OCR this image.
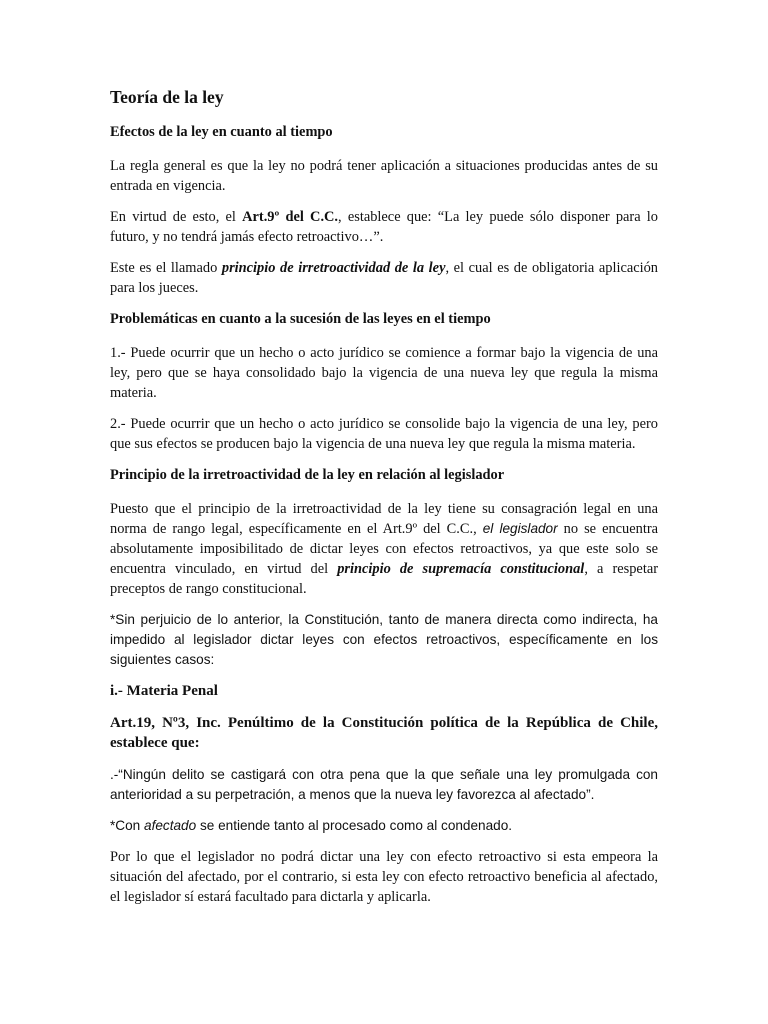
Teoría de la ley

Efectos de la ley en cuanto al tiempo

La regla general es que la ley no podrá tener aplicación a situaciones producidas antes de su entrada en vigencia.

En virtud de esto, el Art.9º del C.C., establece que: “La ley puede sólo disponer para lo futuro, y no tendrá jamás efecto retroactivo…”.

Este es el llamado principio de irretroactividad de la ley, el cual es de obligatoria aplicación para los jueces.

Problemáticas en cuanto a la sucesión de las leyes en el tiempo

1.- Puede ocurrir que un hecho o acto jurídico se comience a formar bajo la vigencia de una ley, pero que se haya consolidado bajo la vigencia de una nueva ley que regula la misma materia.

2.- Puede ocurrir que un hecho o acto jurídico se consolide bajo la vigencia de una ley, pero que sus efectos se producen bajo la vigencia de una nueva ley que regula la misma materia.

Principio de la irretroactividad de la ley en relación al legislador

Puesto que el principio de la irretroactividad de la ley tiene su consagración legal en una norma de rango legal, específicamente en el Art.9º del C.C., el legislador no se encuentra absolutamente imposibilitado de dictar leyes con efectos retroactivos, ya que este solo se encuentra vinculado, en virtud del principio de supremacía constitucional, a respetar preceptos de rango constitucional.

*Sin perjuicio de lo anterior, la Constitución, tanto de manera directa como indirecta, ha impedido al legislador dictar leyes con efectos retroactivos, específicamente en los siguientes casos:

i.- Materia Penal

Art.19, Nº3, Inc. Penúltimo de la Constitución política de la República de Chile, establece que:

.-“Ningún delito se castigará con otra pena que la que señale una ley promulgada con anterioridad a su perpetración, a menos que la nueva ley favorezca al afectado”.

*Con afectado se entiende tanto al procesado como al condenado.

Por lo que el legislador no podrá dictar una ley con efecto retroactivo si esta empeora la situación del afectado, por el contrario, si esta ley con efecto retroactivo beneficia al afectado, el legislador sí estará facultado para dictarla y aplicarla.
